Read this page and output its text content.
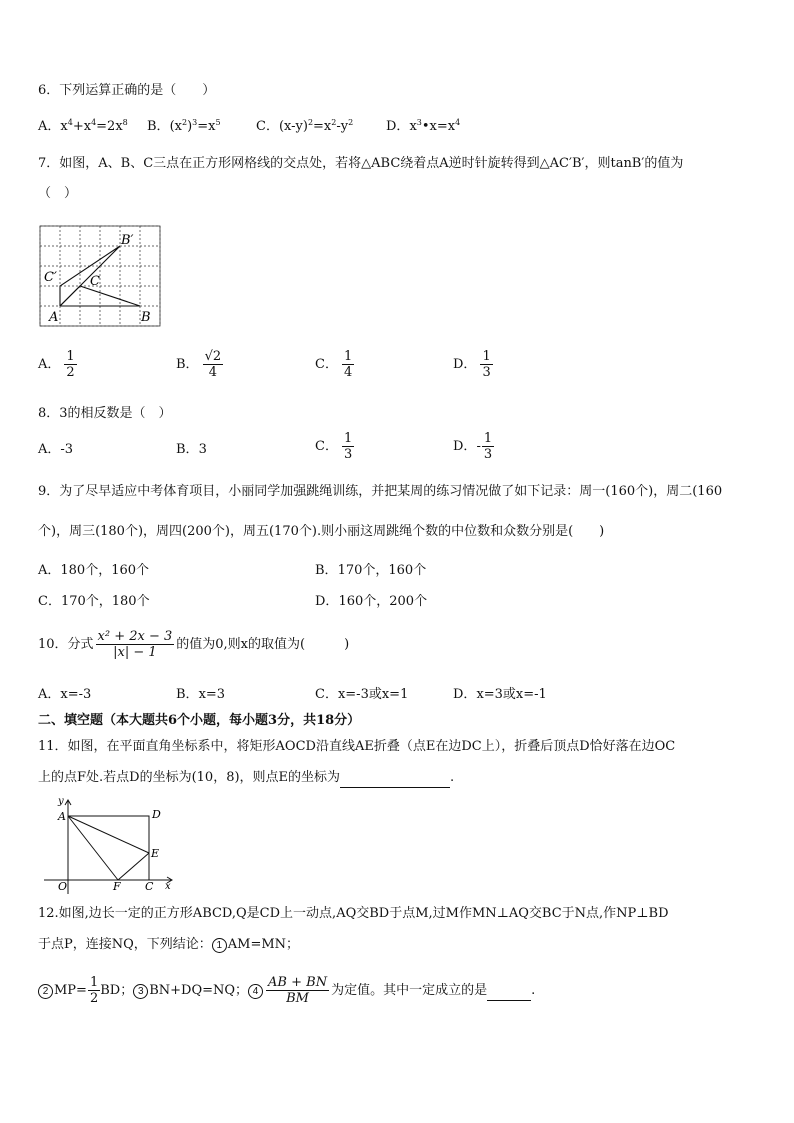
6．下列运算正确的是（　　）
A．$x^4+x^4=2x^8$ B．$(x^2)^3=x^5$	C．$(x-y)^2=x^2-y^2$	D．$x^3•x=x^4$
7．如图，A、B、C三点在正方形网格线的交点处，若将△ABC绕着点A逆时针旋转得到△AC′B′，则tanB′的值为
（　）
B′
C′	C
A	B
A． $\frac{1}{2}$	B． $\frac{√2}{4}$	C． $\frac{1}{4}$	D． $\frac{1}{3}$
8．3的相反数是（　）
A．-3	B．3	C． $\frac{1}{3}$	D．- $\frac{1}{3}$
9．为了尽早适应中考体育项目，小丽同学加强跳绳训练，并把某周的练习情况做了如下记录：周一(160个)，周二(160
个)，周三(180个)，周四(200个)，周五(170个).则小丽这周跳绳个数的中位数和众数分别是(　　)
A．180个，160个	B．170个，160个
C．170个，180个	D．160个，200个
10．分式 $\frac{\text{x² + 2x − 3}}{|x| - 1}$ 的值为0,则x的取值为(　　　)
A．x=-3	B．x=3	C．x=-3或x=1	D．x=3或x=-1
二、填空题（本大题共6个小题，每小题3分，共18分）
11．如图，在平面直角坐标系中，将矩形AOCD沿直线AE折叠（点E在边DC上），折叠后顶点D恰好落在边OC
上的点F处.若点D的坐标为(10，8)，则点E的坐标为	.
y
A	D
E
O	F C x
12.如图,边长一定的正方形ABCD,Q是CD上一动点,AQ交BD于点M,过M作MN⊥AQ交BC于N点,作NP⊥BD
于点P，连接NQ，下列结论： 1 AM=MN；
2 $MP= \frac{1}{2}$ BD； 3 BN+DQ=NQ； $4 \frac{AB + BN}{BM}$ 为定值。其中一定成立的是	.
